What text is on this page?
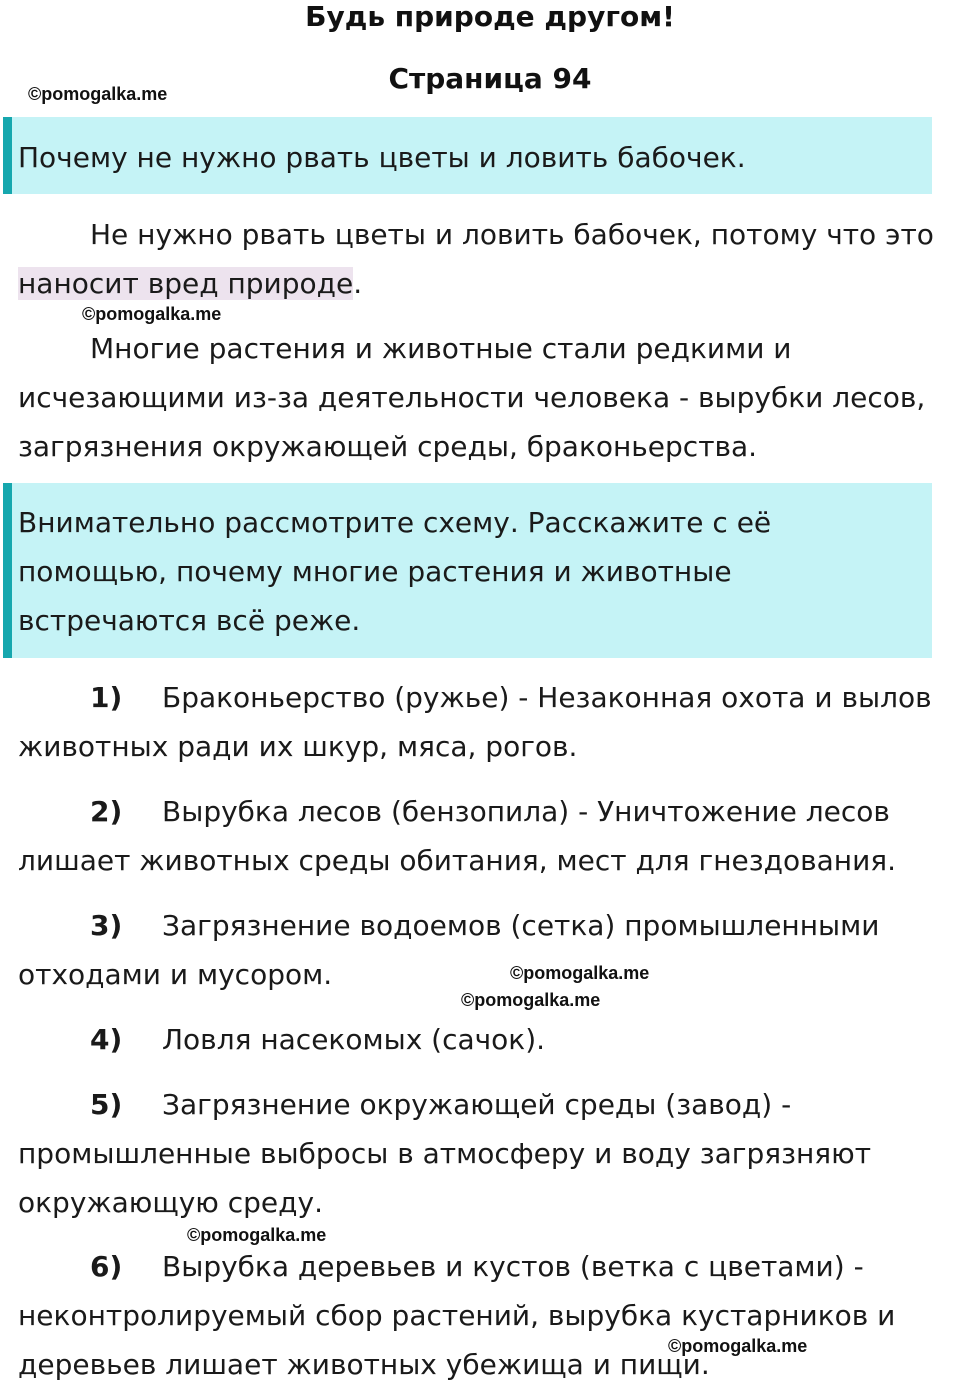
Будь природе другом!
Страница 94
©pomogalka.me
Почему не нужно рвать цветы и ловить бабочек.
Не нужно рвать цветы и ловить бабочек, потому что это
наносит вред природе.
©pomogalka.me
Многие растения и животные стали редкими и
исчезающими из-за деятельности человека - вырубки лесов,
загрязнения окружающей среды, браконьерства.
Внимательно рассмотрите схему. Расскажите с её
помощью, почему многие растения и животные
встречаются всё реже.
1) Браконьерство (ружье) - Незаконная охота и вылов
животных ради их шкур, мяса, рогов.
2) Вырубка лесов (бензопила) - Уничтожение лесов
лишает животных среды обитания, мест для гнездования.
3) Загрязнение водоемов (сетка) промышленными
отходами и мусором.	©pomogalka.me
©pomogalka.me
4) Ловля насекомых (сачок).
5) Загрязнение окружающей среды (завод) -
промышленные выбросы в атмосферу и воду загрязняют
окружающую среду.
©pomogalka.me
6) Вырубка деревьев и кустов (ветка с цветами) -
неконтролируемый сбор растений, вырубка кустарников и
деревьев лишает животных убежища и пищи.
©pomogalka.me
